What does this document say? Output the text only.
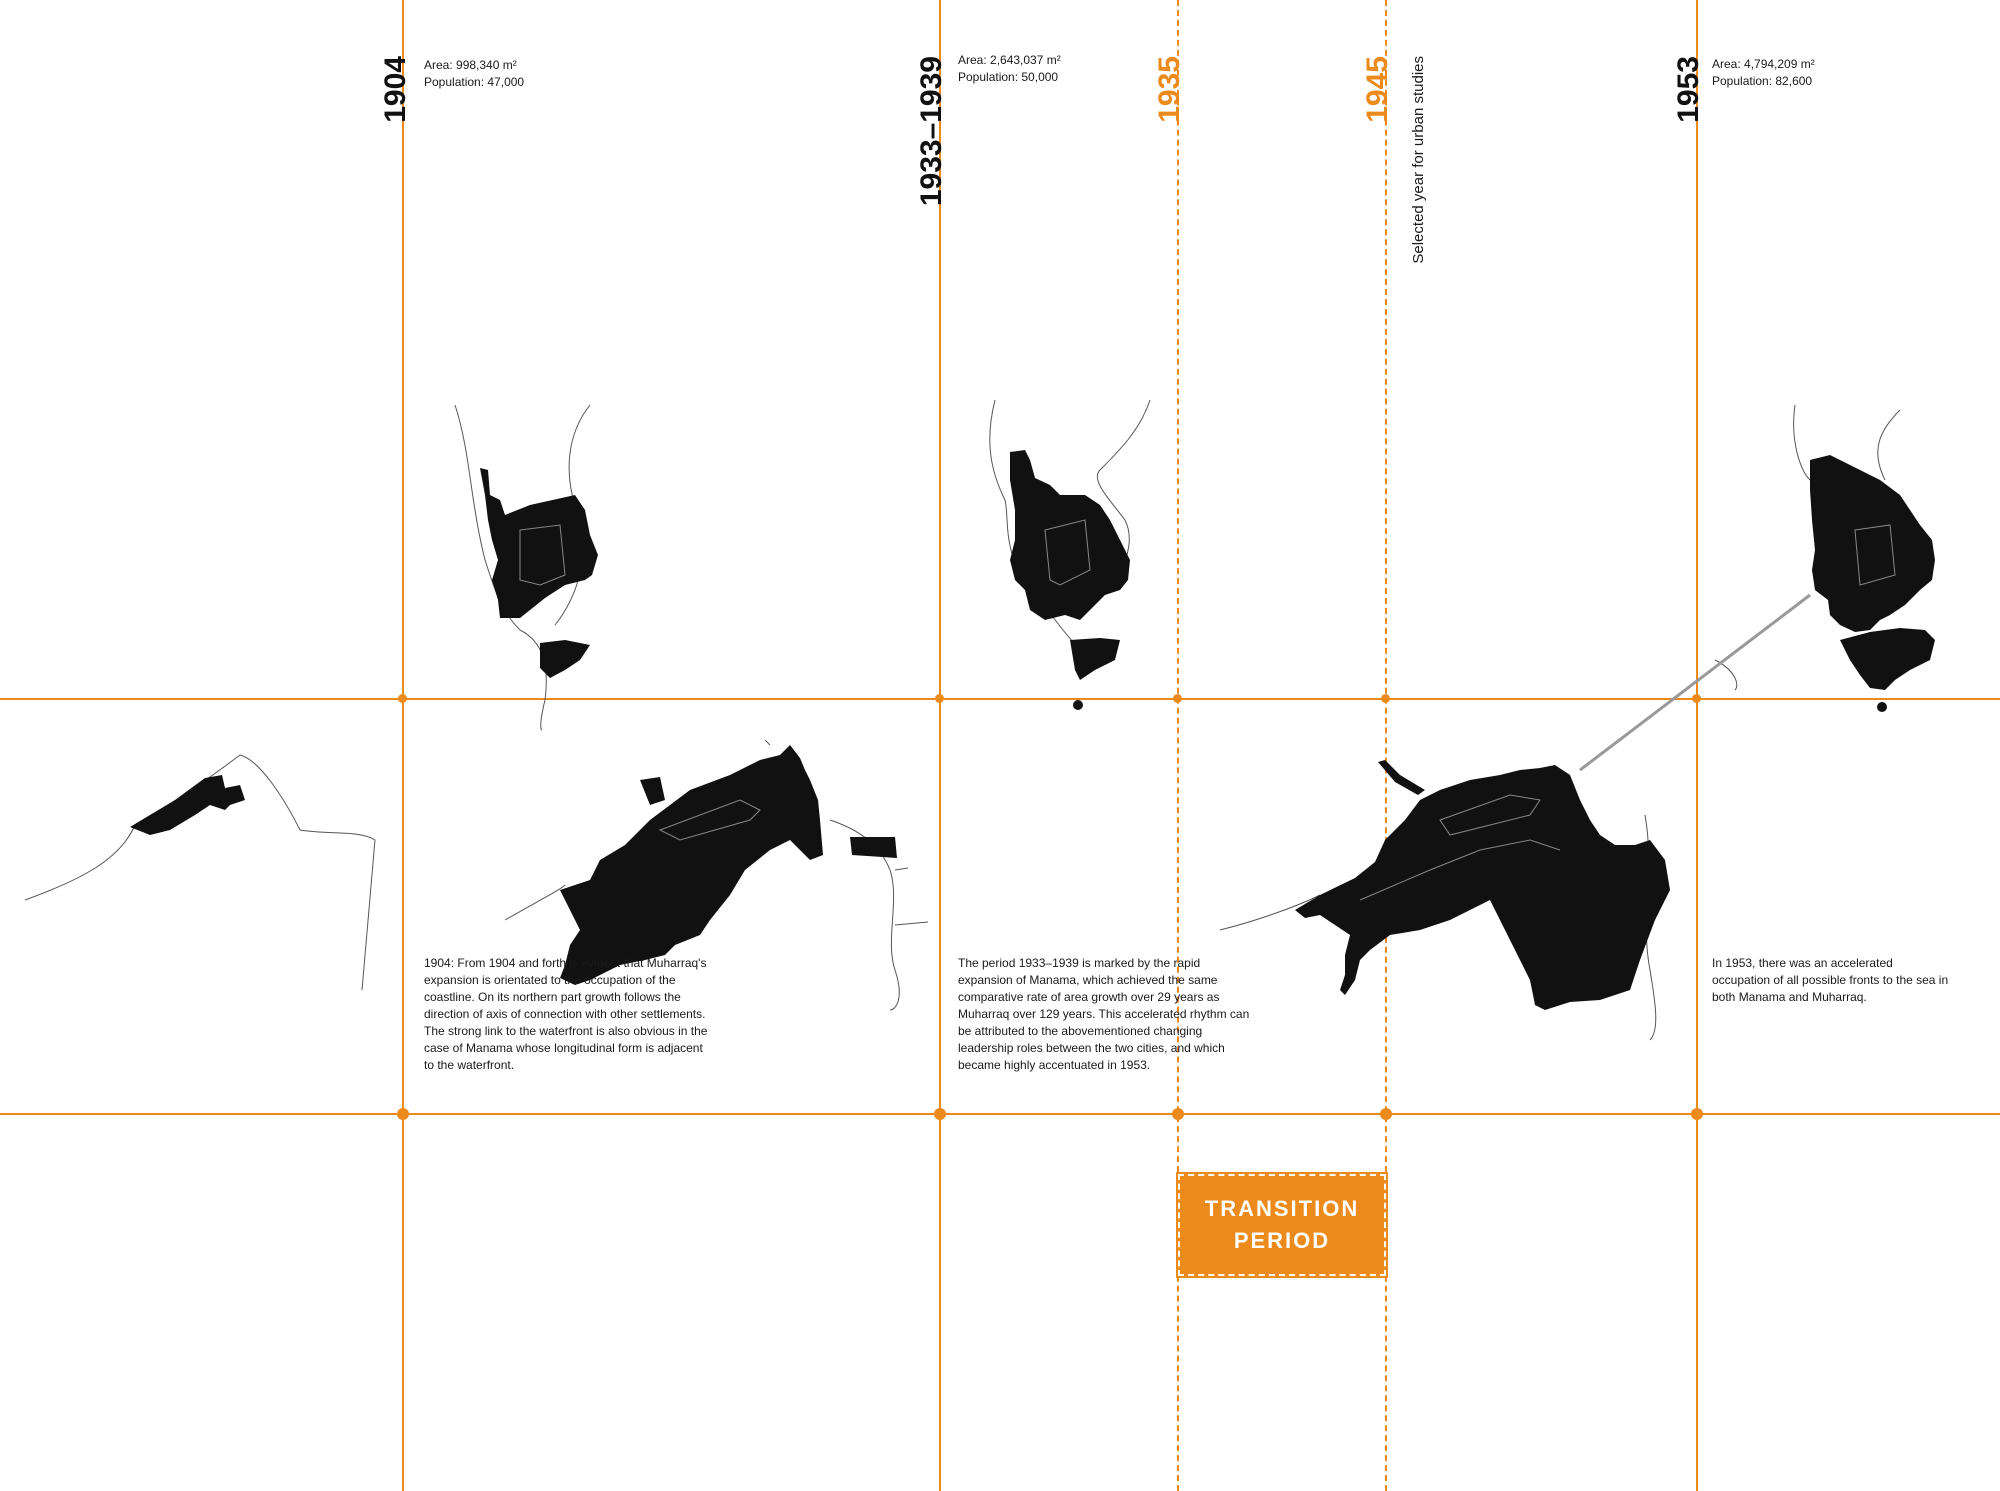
1904	1933–1939	1935	1945	1953
Selected year for urban studies
Area: 998,340 m²
Population: 47,000
Area: 2,643,037 m²
Population: 50,000
Area: 4,794,209 m²
Population: 82,600
1904: From 1904 and forth is evident that Muharraq's expansion is orientated to the occupation of the coastline. On its northern part growth follows the direction of axis of connection with other settlements. The strong link to the waterfront is also obvious in the case of Manama whose longitudinal form is adjacent to the waterfront.
The period 1933–1939 is marked by the rapid expansion of Manama, which achieved the same comparative rate of area growth over 29 years as Muharraq over 129 years. This accelerated rhythm can be attributed to the abovementioned changing leadership roles between the two cities, and which became highly accentuated in 1953.
In 1953, there was an accelerated occupation of all possible fronts to the sea in both Manama and Muharraq.
TRANSITION
PERIOD
